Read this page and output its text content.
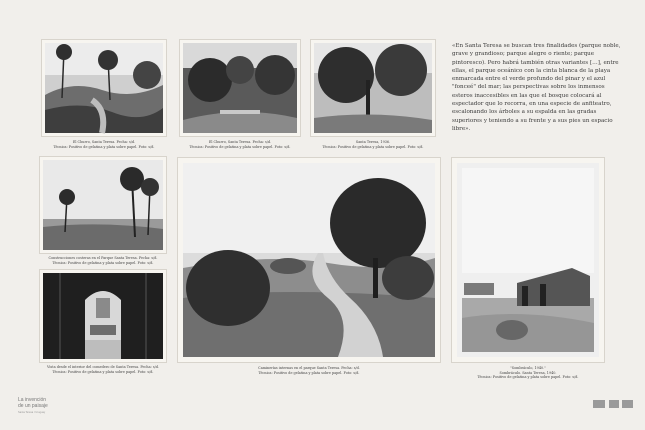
El Churro, Santa Teresa. Fecha: s/d.
Técnica: Positivo de gelatina y plata sobre papel. Foto: s/d.
El Churro, Santa Teresa. Fecha: s/d.
Técnica: Positivo de gelatina y plata sobre papel. Foto: s/d.
Santa Teresa, 1936.
Técnica: Positivo de gelatina y plata sobre papel. Foto: s/d.
«En Santa Teresa se buscan tres finalidades (parque noble, grave y grandioso; parque alegre o riente; parque pintoresco). Pero habrá también otras variantes […], entre ellas, el parque oceánico con la cinta blanca de la playa enmarcada entre el verde profundo del pinar y el azul "fonceé" del mar; las perspectivas sobre los inmensos esteros inaccesibles en las que el bosque colocará al espectador que lo recorra, en una especie de anfiteatro, escalonando los árboles a su espalda en las gradas superiores y teniendo a su frente y a sus pies un espacio libre».
Construcciones costeras en el Parque Santa Teresa. Fecha: s/d.
Técnica: Positivo de gelatina y plata sobre papel. Foto: s/d.
Vista desde el interior del comedero de Santa Teresa. Fecha: s/d.
Técnica: Positivo de gelatina y plata sobre papel. Foto: s/d.
Caminerías internas en el parque Santa Teresa. Fecha: s/d.
Técnica: Positivo de gelatina y plata sobre papel. Foto: s/d.
"Sombráculo, 1940."
Sombráculo. Santa Teresa, 1940.
Técnica: Positivo de gelatina y plata sobre papel. Foto: s/d.
La invención
de un paisaje
Santa Teresa / Uruguay
